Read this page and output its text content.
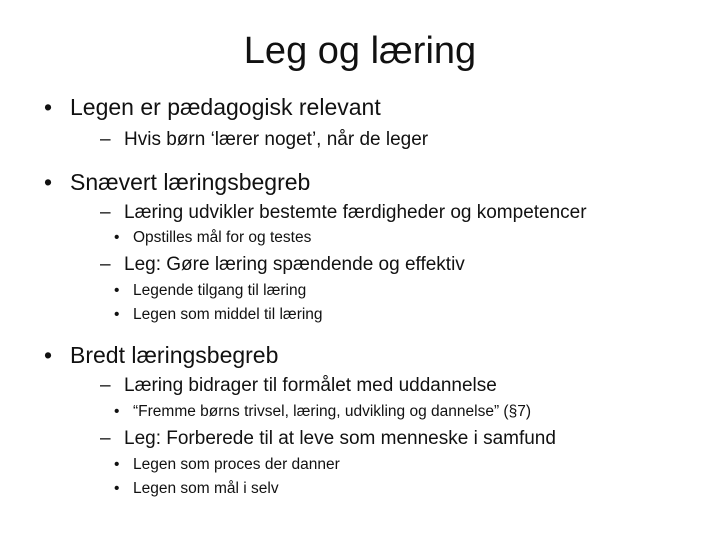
Leg og læring
• Legen er pædagogisk relevant
– Hvis børn ‘lærer noget’, når de leger
• Snævert læringsbegreb
– Læring udvikler bestemte færdigheder og kompetencer
• Opstilles mål for og testes
– Leg: Gøre læring spændende og effektiv
• Legende tilgang til læring
• Legen som middel til læring
• Bredt læringsbegreb
– Læring bidrager til formålet med uddannelse
• “Fremme børns trivsel, læring, udvikling og dannelse” (§7)
– Leg: Forberede til at leve som menneske i samfund
• Legen som proces der danner
• Legen som mål i selv
